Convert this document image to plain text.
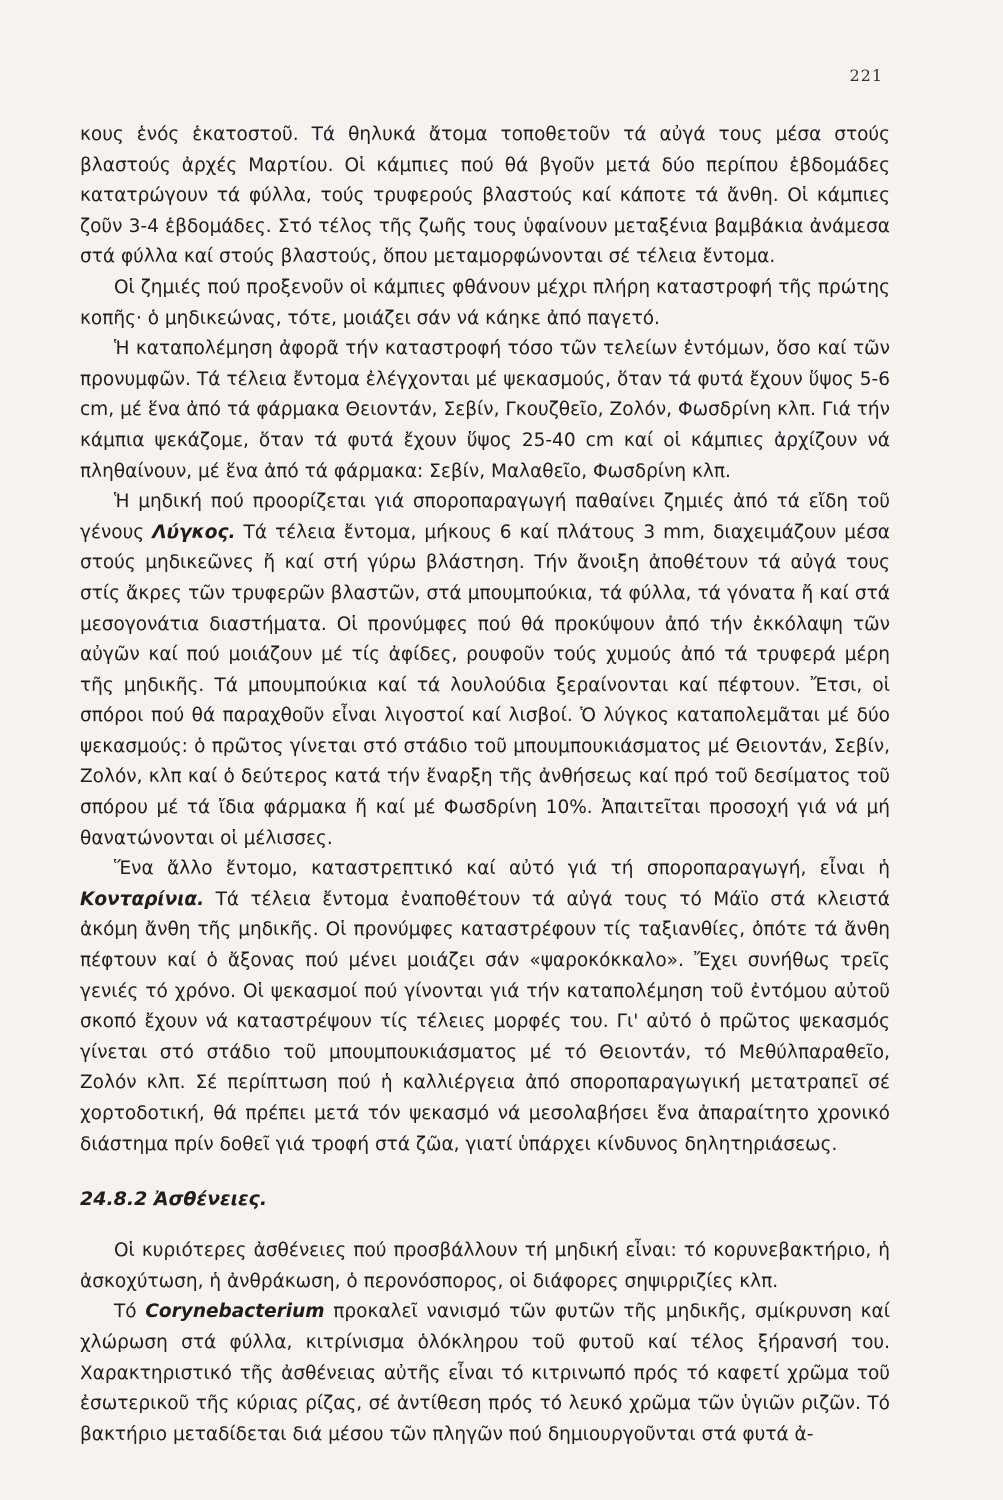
221

κους ἑνός ἑκατοστοῦ. Τά θηλυκά ἄτομα τοποθετοῦν τά αὐγά τους μέσα στούς βλαστούς ἀρχές Μαρτίου. Οἱ κάμπιες πού θά βγοῦν μετά δύο περίπου ἑβδομάδες κατατρώγουν τά φύλλα, τούς τρυφερούς βλαστούς καί κάποτε τά ἄνθη. Οἱ κάμπιες ζοῦν 3-4 ἑβδομάδες. Στό τέλος τῆς ζωῆς τους ὑφαίνουν μεταξένια βαμβάκια ἀνάμεσα στά φύλλα καί στούς βλαστούς, ὅπου μεταμορφώνονται σέ τέλεια ἔντομα.

Οἱ ζημιές πού προξενοῦν οἱ κάμπιες φθάνουν μέχρι πλήρη καταστροφή τῆς πρώτης κοπῆς· ὁ μηδικεώνας, τότε, μοιάζει σάν νά κάηκε ἀπό παγετό.

Ἡ καταπολέμηση ἀφορᾶ τήν καταστροφή τόσο τῶν τελείων ἐντόμων, ὅσο καί τῶν προνυμφῶν. Τά τέλεια ἔντομα ἐλέγχονται μέ ψεκασμούς, ὅταν τά φυτά ἔχουν ὕψος 5-6 cm, μέ ἕνα ἀπό τά φάρμακα Θειοντάν, Σεβίν, Γκουζθεῖο, Ζολόν, Φωσδρίνη κλπ. Γιά τήν κάμπια ψεκάζομε, ὅταν τά φυτά ἔχουν ὕψος 25-40 cm καί οἱ κάμπιες ἀρχίζουν νά πληθαίνουν, μέ ἕνα ἀπό τά φάρμακα: Σεβίν, Μαλαθεῖο, Φωσδρίνη κλπ.

Ἡ μηδική πού προορίζεται γιά σποροπαραγωγή παθαίνει ζημιές ἀπό τά εἴδη τοῦ γένους Λύγκος. Τά τέλεια ἔντομα, μήκους 6 καί πλάτους 3 mm, διαχειμάζουν μέσα στούς μηδικεῶνες ἤ καί στή γύρω βλάστηση. Τήν ἄνοιξη ἀποθέτουν τά αὐγά τους στίς ἄκρες τῶν τρυφερῶν βλαστῶν, στά μπουμπούκια, τά φύλλα, τά γόνατα ἤ καί στά μεσογονάτια διαστήματα. Οἱ προνύμφες πού θά προκύψουν ἀπό τήν ἐκκόλαψη τῶν αὐγῶν καί πού μοιάζουν μέ τίς ἀφίδες, ρουφοῦν τούς χυμούς ἀπό τά τρυφερά μέρη τῆς μηδικῆς. Τά μπουμπούκια καί τά λουλούδια ξεραίνονται καί πέφτουν. Ἔτσι, οἱ σπόροι πού θά παραχθοῦν εἶναι λιγοστοί καί λισβοί. Ὁ λύγκος καταπολεμᾶται μέ δύο ψεκασμούς: ὁ πρῶτος γίνεται στό στάδιο τοῦ μπουμπουκιάσματος μέ Θειοντάν, Σεβίν, Ζολόν, κλπ καί ὁ δεύτερος κατά τήν ἔναρξη τῆς ἀνθήσεως καί πρό τοῦ δεσίματος τοῦ σπόρου μέ τά ἴδια φάρμακα ἤ καί μέ Φωσδρίνη 10%. Ἀπαιτεῖται προσοχή γιά νά μή θανατώνονται οἱ μέλισσες.

Ἕνα ἄλλο ἔντομο, καταστρεπτικό καί αὐτό γιά τή σποροπαραγωγή, εἶναι ἡ Κονταρίνια. Τά τέλεια ἔντομα ἐναποθέτουν τά αὐγά τους τό Μάϊο στά κλειστά ἀκόμη ἄνθη τῆς μηδικῆς. Οἱ προνύμφες καταστρέφουν τίς ταξιανθίες, ὁπότε τά ἄνθη πέφτουν καί ὁ ἄξονας πού μένει μοιάζει σάν «ψαροκόκκαλο». Ἔχει συνήθως τρεῖς γενιές τό χρόνο. Οἱ ψεκασμοί πού γίνονται γιά τήν καταπολέμηση τοῦ ἐντόμου αὐτοῦ σκοπό ἔχουν νά καταστρέψουν τίς τέλειες μορφές του. Γι' αὐτό ὁ πρῶτος ψεκασμός γίνεται στό στάδιο τοῦ μπουμπουκιάσματος μέ τό Θειοντάν, τό Μεθύλπαραθεῖο, Ζολόν κλπ. Σέ περίπτωση πού ἡ καλλιέργεια ἀπό σποροπαραγωγική μετατραπεῖ σέ χορτοδοτική, θά πρέπει μετά τόν ψεκασμό νά μεσολαβήσει ἕνα ἀπαραίτητο χρονικό διάστημα πρίν δοθεῖ γιά τροφή στά ζῶα, γιατί ὑπάρχει κίνδυνος δηλητηριάσεως.

24.8.2 Ἀσθένειες.

Οἱ κυριότερες ἀσθένειες πού προσβάλλουν τή μηδική εἶναι: τό κορυνεβακτήριο, ἡ ἀσκοχύτωση, ἡ ἀνθράκωση, ὁ περονόσπορος, οἱ διάφορες σηψιρριζίες κλπ.

Τό Corynebacterium προκαλεῖ νανισμό τῶν φυτῶν τῆς μηδικῆς, σμίκρυνση καί χλώρωση στά φύλλα, κιτρίνισμα ὁλόκληρου τοῦ φυτοῦ καί τέλος ξήρανσή του. Χαρακτηριστικό τῆς ἀσθένειας αὐτῆς εἶναι τό κιτρινωπό πρός τό καφετί χρῶμα τοῦ ἐσωτερικοῦ τῆς κύριας ρίζας, σέ ἀντίθεση πρός τό λευκό χρῶμα τῶν ὑγιῶν ριζῶν. Τό βακτήριο μεταδίδεται διά μέσου τῶν πληγῶν πού δημιουργοῦνται στά φυτά ἀ-
